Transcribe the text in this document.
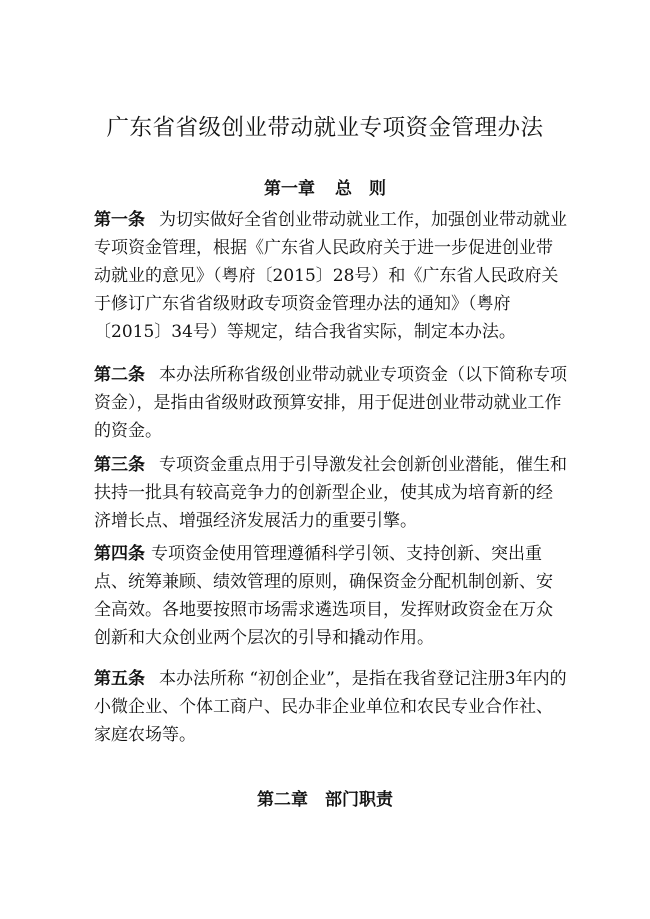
广东省省级创业带动就业专项资金管理办法
第一章 总　则
第一条 为切实做好全省创业带动就业工作，加强创业带动就业专项资金管理，根据《广东省人民政府关于进一步促进创业带动就业的意见》（粤府〔2015〕28号）和《广东省人民政府关于修订广东省省级财政专项资金管理办法的通知》（粤府〔2015〕34号）等规定，结合我省实际，制定本办法。
第二条 本办法所称省级创业带动就业专项资金（以下简称专项资金），是指由省级财政预算安排，用于促进创业带动就业工作的资金。
第三条 专项资金重点用于引导激发社会创新创业潜能，催生和扶持一批具有较高竞争力的创新型企业，使其成为培育新的经济增长点、增强经济发展活力的重要引擎。
第四条 专项资金使用管理遵循科学引领、支持创新、突出重点、统筹兼顾、绩效管理的原则，确保资金分配机制创新、安全高效。各地要按照市场需求遴选项目，发挥财政资金在万众创新和大众创业两个层次的引导和撬动作用。
第五条 本办法所称 “初创企业”，是指在我省登记注册3年内的小微企业、个体工商户、民办非企业单位和农民专业合作社、家庭农场等。
第二章　部门职责
